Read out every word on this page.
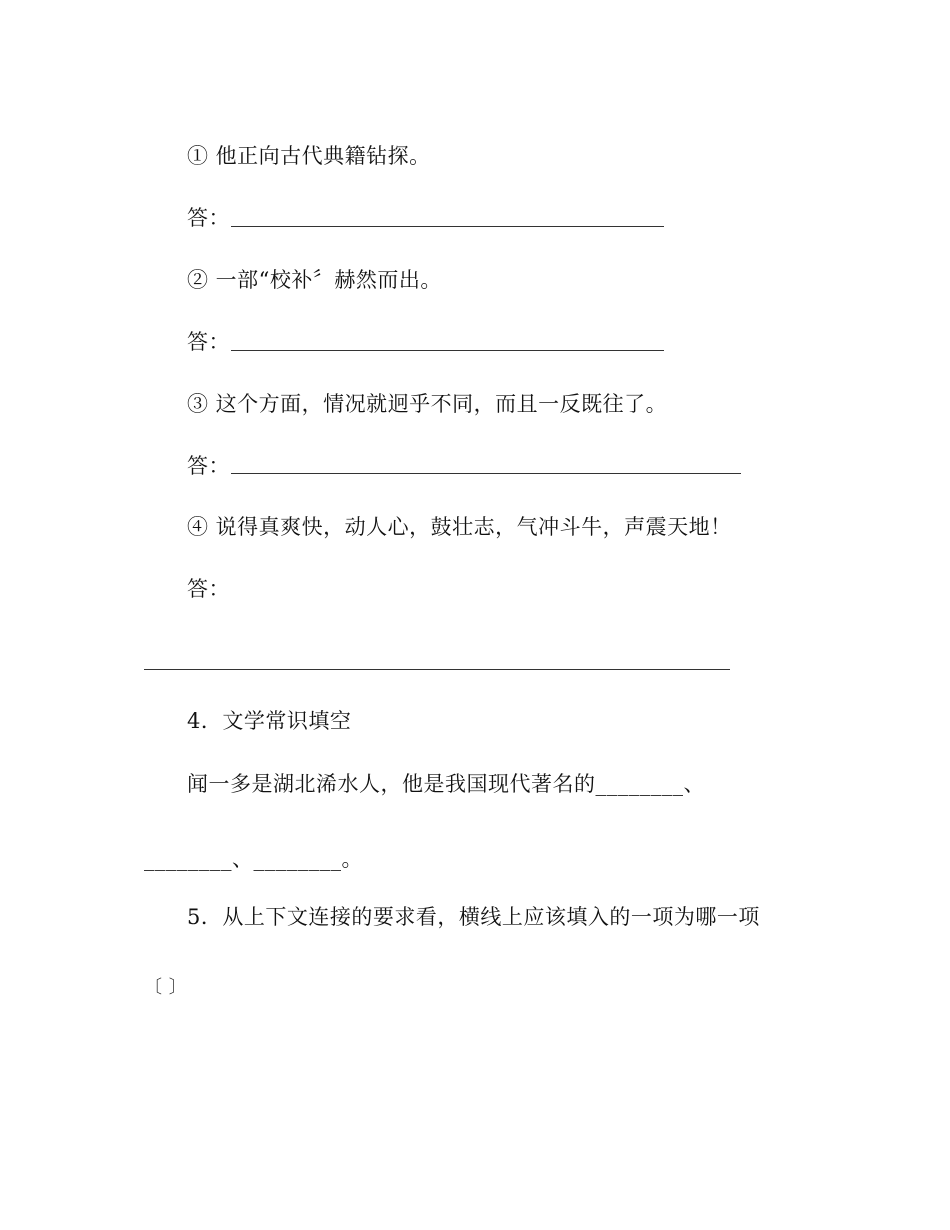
① 他正向古代典籍钻探。
答：
② 一部“校补〞赫然而出。
答：
③ 这个方面，情况就迥乎不同，而且一反既往了。
答：
④ 说得真爽快，动人心，鼓壮志，气冲斗牛，声震天地！
答：
4．文学常识填空
闻一多是湖北浠水人，他是我国现代著名的________、
________、________。
5．从上下文连接的要求看，横线上应该填入的一项为哪一项
〔 〕
